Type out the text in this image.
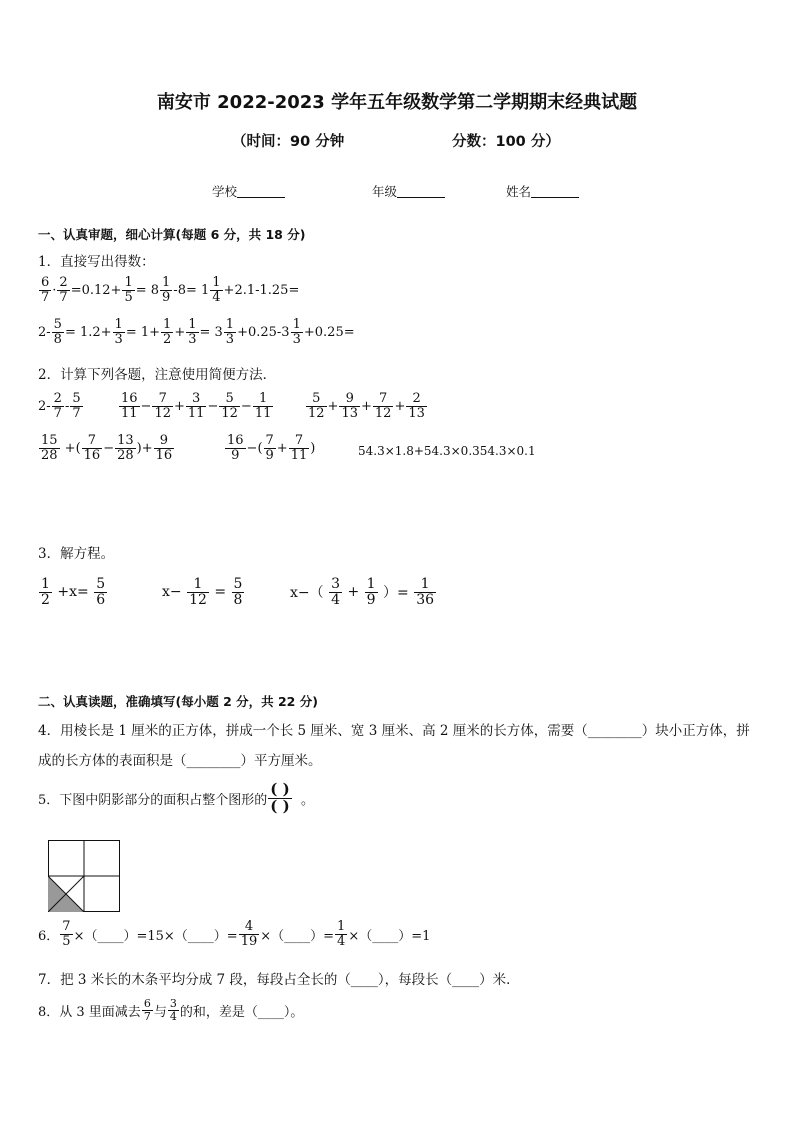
南安市 2022-2023 学年五年级数学第二学期期末经典试题
（时间：90 分钟	分数：100 分）
学校	年级	姓名
一、认真审题，细心计算(每题 6 分，共 18 分)
1．直接写出得数：
$\frac{6}{7} \cdot \frac{2}{7} =0.12+ \frac{1}{5} = 8 \frac{1}{9} -8= 1 \frac{1}{4} +2.1-1.25=$
$2- \frac{5}{8} = 1.2+ \frac{1}{3} = 1+ \frac{1}{2} + \frac{1}{3} = 3 \frac{1}{3} +0.25-3 \frac{1}{3} +0.25=$
2．计算下列各题，注意使用简便方法．
$2- \frac{2}{7} - \frac{5}{7}$	$\frac{16}{11} - \frac{7}{12} + \frac{3}{11} - \frac{5}{12} - \frac{1}{11}$	$\frac{5}{12} + \frac{9}{13} + \frac{7}{12} + \frac{2}{13}$
$\frac{15}{28}$ +( $\frac{7}{16} - \frac{13}{28}$ )+ $\frac{9}{16}$	$\frac{16}{9}$ −( $\frac{7}{9} + \frac{7}{11}$ )	54.3×1.8+54.3×0.354.3×0.1
3．解方程。
$\frac{1}{2} +x= \frac{5}{6}$	$x- \frac{1}{12} = \frac{5}{8}$	$x-( \frac{3}{4} + \frac{1}{9}$ ）= $\frac{1}{36}$
二、认真读题，准确填写(每小题 2 分，共 22 分)
4．用棱长是 1 厘米的正方体，拼成一个长 5 厘米、宽 3 厘米、高 2 厘米的长方体，需要（________）块小正方体，拼
成的长方体的表面积是（________）平方厘米。
5．下图中阴影部分的面积占整个图形的 $\frac{( )}{( )}$
。
6． $\frac{7}{5}$ ×（____）=15×（____）= $\frac{4}{19}$ ×（____）= $\frac{1}{4}$ ×（____）=1
7．把 3 米长的木条平均分成 7 段，每段占全长的（____），每段长（____）米．
8．从 3 里面减去 $\frac{6}{7}$ 与 $\frac{3}{4}$ 的和，差是（____）。
